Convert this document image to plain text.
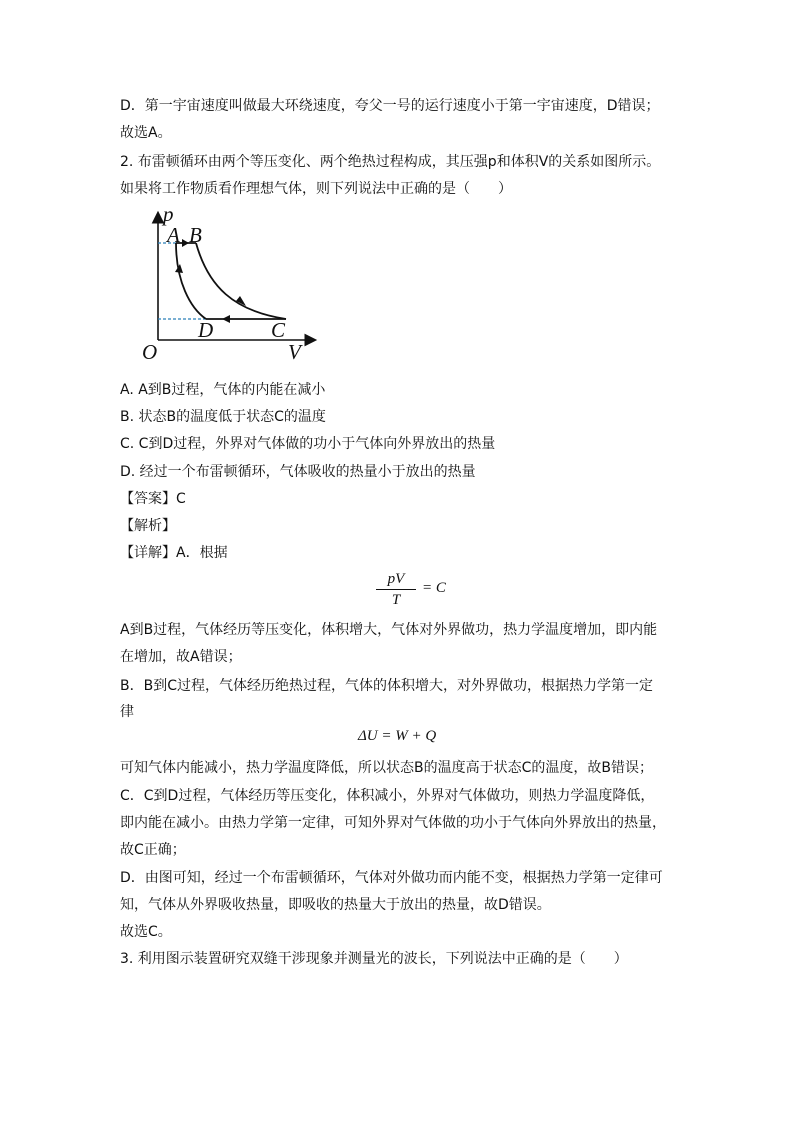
D．第一宇宙速度叫做最大环绕速度，夸父一号的运行速度小于第一宇宙速度，D错误；
故选A。
2. 布雷顿循环由两个等压变化、两个绝热过程构成，其压强p和体积V的关系如图所示。
如果将工作物质看作理想气体，则下列说法中正确的是（　　）
p
A B
D	C
O	V
A. A到B过程，气体的内能在减小
B. 状态B的温度低于状态C的温度
C. C到D过程，外界对气体做的功小于气体向外界放出的热量
D. 经过一个布雷顿循环，气体吸收的热量小于放出的热量
【答案】C
【解析】
【详解】A．根据
pV
T
= C
A到B过程，气体经历等压变化，体积增大，气体对外界做功，热力学温度增加，即内能
在增加，故A错误；
B．B到C过程，气体经历绝热过程，气体的体积增大，对外界做功，根据热力学第一定
律
ΔU = W + Q
可知气体内能减小，热力学温度降低，所以状态B的温度高于状态C的温度，故B错误；
C．C到D过程，气体经历等压变化，体积减小，外界对气体做功，则热力学温度降低，
即内能在减小。由热力学第一定律，可知外界对气体做的功小于气体向外界放出的热量，
故C正确；
D．由图可知，经过一个布雷顿循环，气体对外做功而内能不变，根据热力学第一定律可
知，气体从外界吸收热量，即吸收的热量大于放出的热量，故D错误。
故选C。
3. 利用图示装置研究双缝干涉现象并测量光的波长，下列说法中正确的是（　　）
